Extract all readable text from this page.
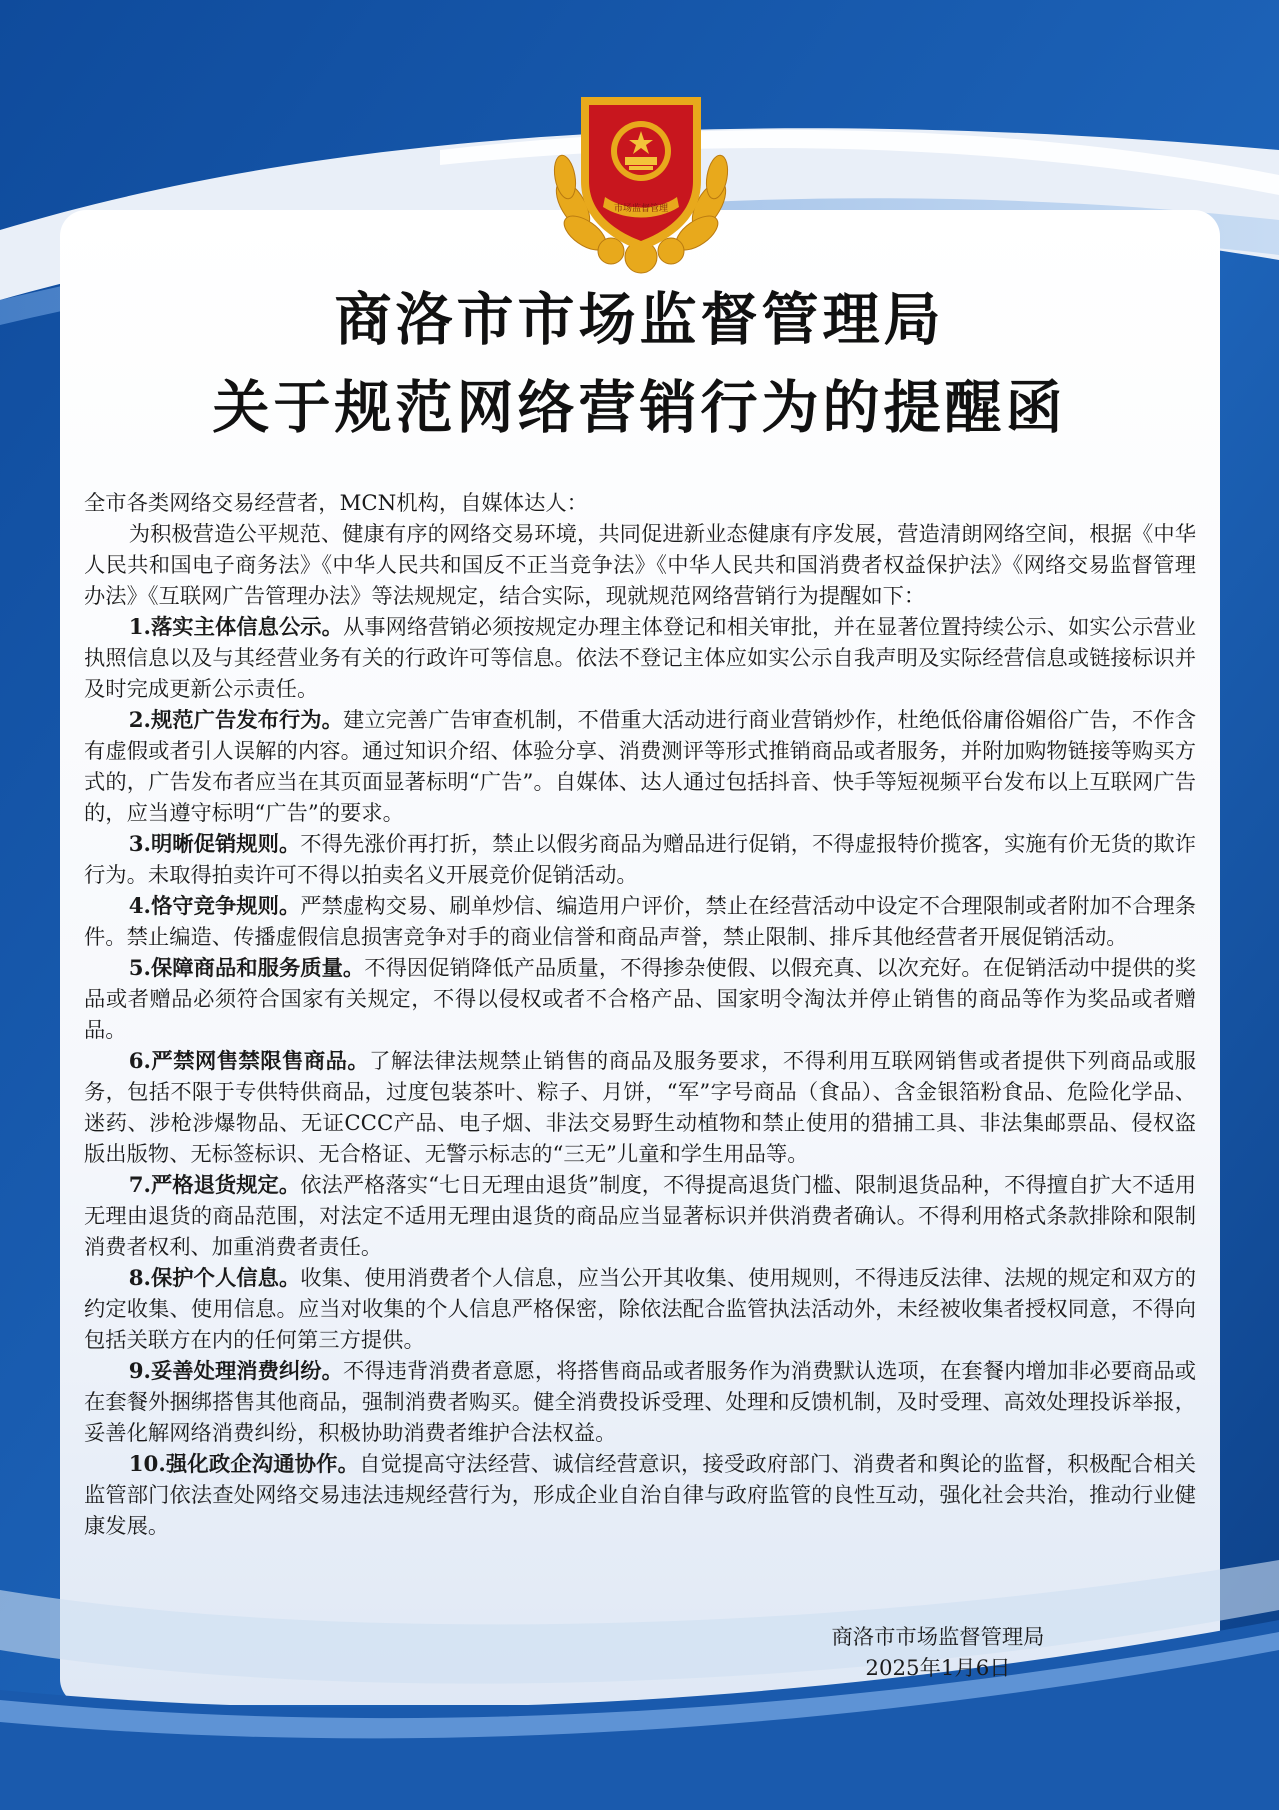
市场监督管理
商洛市市场监督管理局
关于规范网络营销行为的提醒函

全市各类网络交易经营者，MCN机构，自媒体达人：

为积极营造公平规范、健康有序的网络交易环境，共同促进新业态健康有序发展，营造清朗网络空间，根据《中华人民共和国电子商务法》《中华人民共和国反不正当竞争法》《中华人民共和国消费者权益保护法》《网络交易监督管理办法》《互联网广告管理办法》等法规规定，结合实际，现就规范网络营销行为提醒如下：

1.落实主体信息公示。从事网络营销必须按规定办理主体登记和相关审批，并在显著位置持续公示、如实公示营业执照信息以及与其经营业务有关的行政许可等信息。依法不登记主体应如实公示自我声明及实际经营信息或链接标识并及时完成更新公示责任。

2.规范广告发布行为。建立完善广告审查机制，不借重大活动进行商业营销炒作，杜绝低俗庸俗媚俗广告，不作含有虚假或者引人误解的内容。通过知识介绍、体验分享、消费测评等形式推销商品或者服务，并附加购物链接等购买方式的，广告发布者应当在其页面显著标明“广告”。自媒体、达人通过包括抖音、快手等短视频平台发布以上互联网广告的，应当遵守标明“广告”的要求。

3.明晰促销规则。不得先涨价再打折，禁止以假劣商品为赠品进行促销，不得虚报特价揽客，实施有价无货的欺诈行为。未取得拍卖许可不得以拍卖名义开展竞价促销活动。

4.恪守竞争规则。严禁虚构交易、刷单炒信、编造用户评价，禁止在经营活动中设定不合理限制或者附加不合理条件。禁止编造、传播虚假信息损害竞争对手的商业信誉和商品声誉，禁止限制、排斥其他经营者开展促销活动。

5.保障商品和服务质量。不得因促销降低产品质量，不得掺杂使假、以假充真、以次充好。在促销活动中提供的奖品或者赠品必须符合国家有关规定，不得以侵权或者不合格产品、国家明令淘汰并停止销售的商品等作为奖品或者赠品。

6.严禁网售禁限售商品。了解法律法规禁止销售的商品及服务要求，不得利用互联网销售或者提供下列商品或服务，包括不限于专供特供商品，过度包装茶叶、粽子、月饼，“军”字号商品（食品）、含金银箔粉食品、危险化学品、迷药、涉枪涉爆物品、无证CCC产品、电子烟、非法交易野生动植物和禁止使用的猎捕工具、非法集邮票品、侵权盗版出版物、无标签标识、无合格证、无警示标志的“三无”儿童和学生用品等。

7.严格退货规定。依法严格落实“七日无理由退货”制度，不得提高退货门槛、限制退货品种，不得擅自扩大不适用无理由退货的商品范围，对法定不适用无理由退货的商品应当显著标识并供消费者确认。不得利用格式条款排除和限制消费者权利、加重消费者责任。

8.保护个人信息。收集、使用消费者个人信息，应当公开其收集、使用规则，不得违反法律、法规的规定和双方的约定收集、使用信息。应当对收集的个人信息严格保密，除依法配合监管执法活动外，未经被收集者授权同意，不得向包括关联方在内的任何第三方提供。

9.妥善处理消费纠纷。不得违背消费者意愿，将搭售商品或者服务作为消费默认选项，在套餐内增加非必要商品或在套餐外捆绑搭售其他商品，强制消费者购买。健全消费投诉受理、处理和反馈机制，及时受理、高效处理投诉举报，妥善化解网络消费纠纷，积极协助消费者维护合法权益。

10.强化政企沟通协作。自觉提高守法经营、诚信经营意识，接受政府部门、消费者和舆论的监督，积极配合相关监管部门依法查处网络交易违法违规经营行为，形成企业自治自律与政府监管的良性互动，强化社会共治，推动行业健康发展。

商洛市市场监督管理局
2025年1月6日
